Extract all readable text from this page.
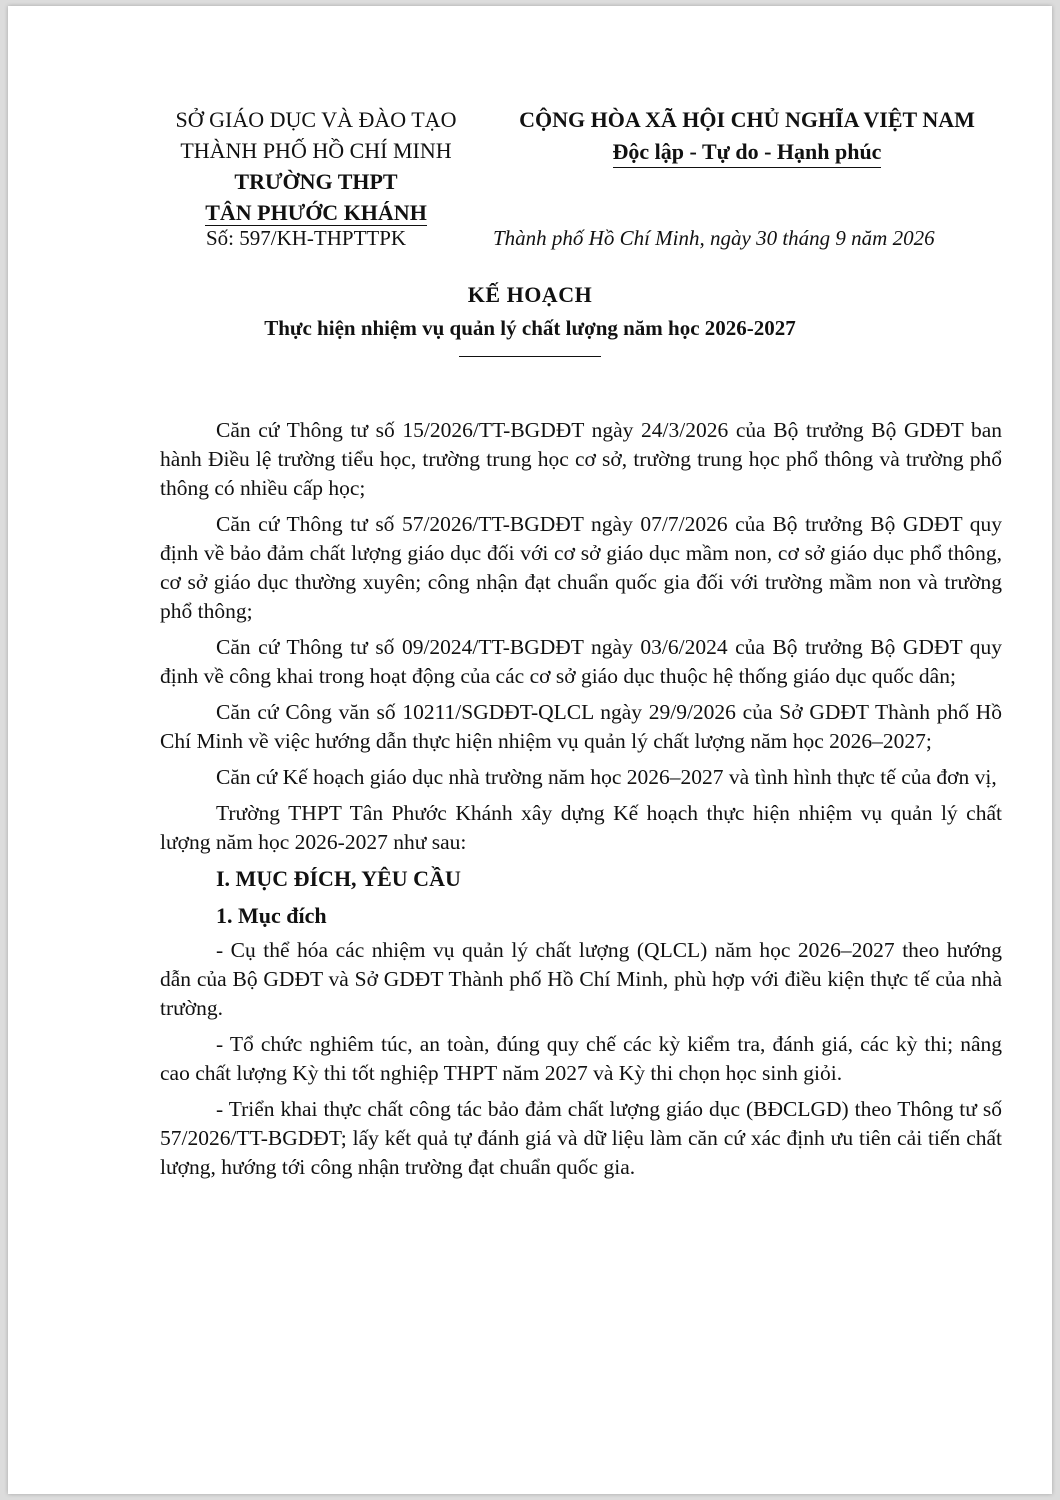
SỞ GIÁO DỤC VÀ ĐÀO TẠO
THÀNH PHỐ HỒ CHÍ MINH
TRƯỜNG THPT
TÂN PHƯỚC KHÁNH
CỘNG HÒA XÃ HỘI CHỦ NGHĨA VIỆT NAM
Độc lập - Tự do - Hạnh phúc
Số: 597/KH-THPTTPK	Thành phố Hồ Chí Minh, ngày 30 tháng 9 năm 2026
KẾ HOẠCH
Thực hiện nhiệm vụ quản lý chất lượng năm học 2026-2027

Căn cứ Thông tư số 15/2026/TT-BGDĐT ngày 24/3/2026 của Bộ trưởng Bộ GDĐT ban hành Điều lệ trường tiểu học, trường trung học cơ sở, trường trung học phổ thông và trường phổ thông có nhiều cấp học;

Căn cứ Thông tư số 57/2026/TT-BGDĐT ngày 07/7/2026 của Bộ trưởng Bộ GDĐT quy định về bảo đảm chất lượng giáo dục đối với cơ sở giáo dục mầm non, cơ sở giáo dục phổ thông, cơ sở giáo dục thường xuyên; công nhận đạt chuẩn quốc gia đối với trường mầm non và trường phổ thông;

Căn cứ Thông tư số 09/2024/TT-BGDĐT ngày 03/6/2024 của Bộ trưởng Bộ GDĐT quy định về công khai trong hoạt động của các cơ sở giáo dục thuộc hệ thống giáo dục quốc dân;

Căn cứ Công văn số 10211/SGDĐT-QLCL ngày 29/9/2026 của Sở GDĐT Thành phố Hồ Chí Minh về việc hướng dẫn thực hiện nhiệm vụ quản lý chất lượng năm học 2026–2027;

Căn cứ Kế hoạch giáo dục nhà trường năm học 2026–2027 và tình hình thực tế của đơn vị,

Trường THPT Tân Phước Khánh xây dựng Kế hoạch thực hiện nhiệm vụ quản lý chất lượng năm học 2026-2027 như sau:

I. MỤC ĐÍCH, YÊU CẦU
1. Mục đích

- Cụ thể hóa các nhiệm vụ quản lý chất lượng (QLCL) năm học 2026–2027 theo hướng dẫn của Bộ GDĐT và Sở GDĐT Thành phố Hồ Chí Minh, phù hợp với điều kiện thực tế của nhà trường.

- Tổ chức nghiêm túc, an toàn, đúng quy chế các kỳ kiểm tra, đánh giá, các kỳ thi; nâng cao chất lượng Kỳ thi tốt nghiệp THPT năm 2027 và Kỳ thi chọn học sinh giỏi.

- Triển khai thực chất công tác bảo đảm chất lượng giáo dục (BĐCLGD) theo Thông tư số 57/2026/TT-BGDĐT; lấy kết quả tự đánh giá và dữ liệu làm căn cứ xác định ưu tiên cải tiến chất lượng, hướng tới công nhận trường đạt chuẩn quốc gia.
